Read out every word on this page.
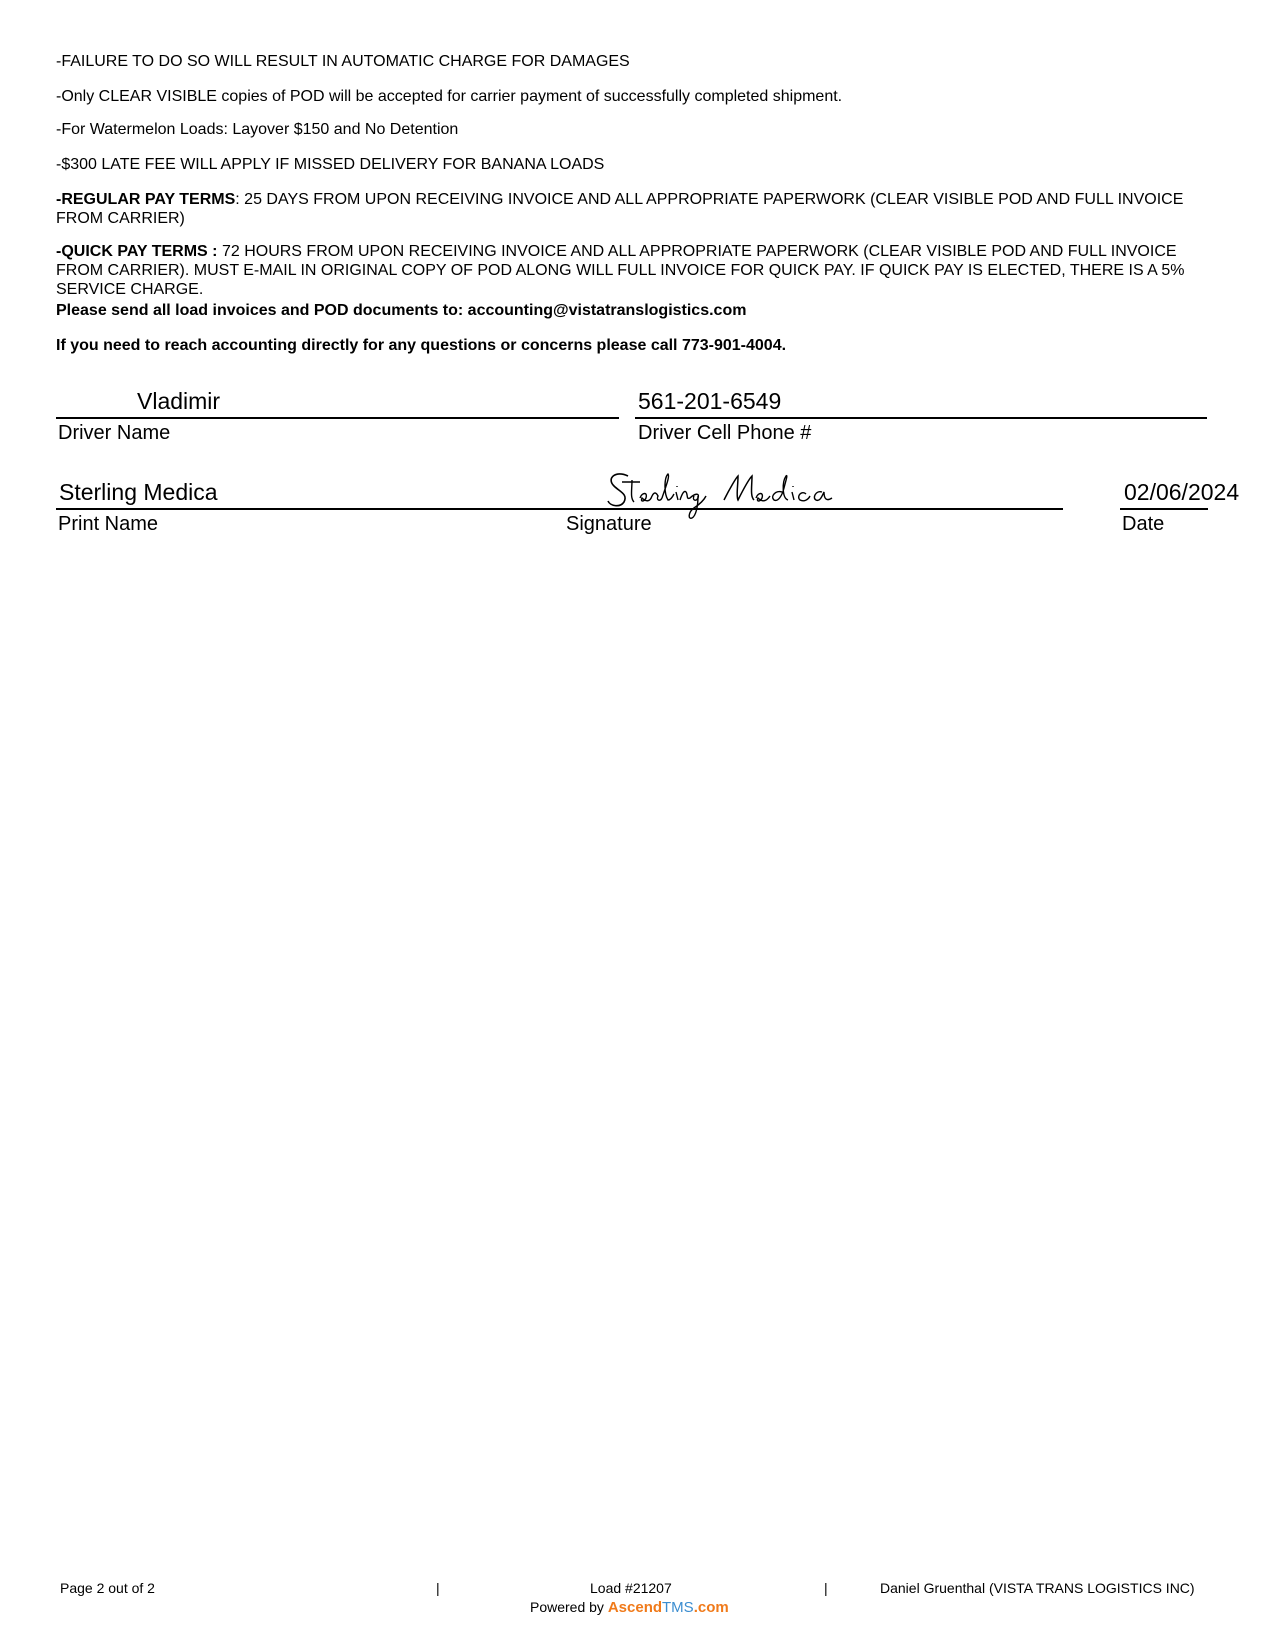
-FAILURE TO DO SO WILL RESULT IN AUTOMATIC CHARGE FOR DAMAGES

-Only CLEAR VISIBLE copies of POD will be accepted for carrier payment of successfully completed shipment.

-For Watermelon Loads: Layover $150 and No Detention

-$300 LATE FEE WILL APPLY IF MISSED DELIVERY FOR BANANA LOADS

-REGULAR PAY TERMS: 25 DAYS FROM UPON RECEIVING INVOICE AND ALL APPROPRIATE PAPERWORK (CLEAR VISIBLE POD AND FULL INVOICE FROM CARRIER)

-QUICK PAY TERMS : 72 HOURS FROM UPON RECEIVING INVOICE AND ALL APPROPRIATE PAPERWORK (CLEAR VISIBLE POD AND FULL INVOICE FROM CARRIER). MUST E-MAIL IN ORIGINAL COPY OF POD ALONG WILL FULL INVOICE FOR QUICK PAY. IF QUICK PAY IS ELECTED, THERE IS A 5% SERVICE CHARGE.

Please send all load invoices and POD documents to: accounting@vistatranslogistics.com

If you need to reach accounting directly for any questions or concerns please call 773-901-4004.

Vladimir
Driver Name
561-201-6549
Driver Cell Phone #
Sterling Medica
Print Name	Signature
02/06/2024
Date
Page 2 out of 2	|	Load #21207	|	Daniel Gruenthal (VISTA TRANS LOGISTICS INC)
Powered by AscendTMS.com
